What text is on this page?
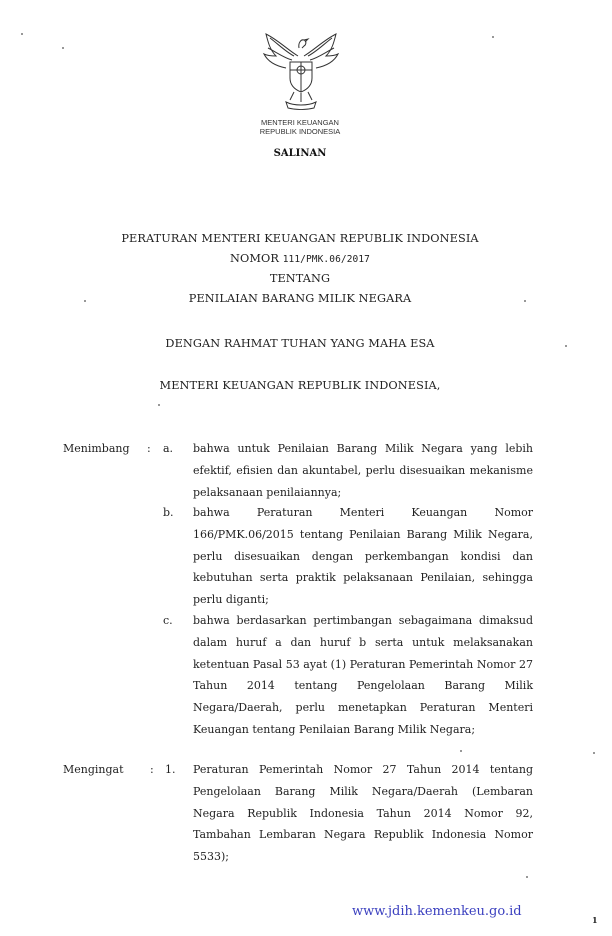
MENTERI KEUANGAN
REPUBLIK INDONESIA
SALINAN
PERATURAN MENTERI KEUANGAN REPUBLIK INDONESIA
NOMOR 111/PMK.06/2017
TENTANG
PENILAIAN BARANG MILIK NEGARA
DENGAN RAHMAT TUHAN YANG MAHA ESA
MENTERI KEUANGAN REPUBLIK INDONESIA,
Menimbang : a. bahwa untuk Penilaian Barang Milik Negara yang lebih efektif, efisien dan akuntabel, perlu disesuaikan mekanisme pelaksanaan penilaiannya;
b. bahwa Peraturan Menteri Keuangan Nomor 166/PMK.06/2015 tentang Penilaian Barang Milik Negara, perlu disesuaikan dengan perkembangan kondisi dan kebutuhan serta praktik pelaksanaan Penilaian, sehingga perlu diganti;
c. bahwa berdasarkan pertimbangan sebagaimana dimaksud dalam huruf a dan huruf b serta untuk melaksanakan ketentuan Pasal 53 ayat (1) Peraturan Pemerintah Nomor 27 Tahun 2014 tentang Pengelolaan Barang Milik Negara/Daerah, perlu menetapkan Peraturan Menteri Keuangan tentang Penilaian Barang Milik Negara;
Mengingat : 1. Peraturan Pemerintah Nomor 27 Tahun 2014 tentang Pengelolaan Barang Milik Negara/Daerah (Lembaran Negara Republik Indonesia Tahun 2014 Nomor 92, Tambahan Lembaran Negara Republik Indonesia Nomor 5533);
www.jdih.kemenkeu.go.id
1
